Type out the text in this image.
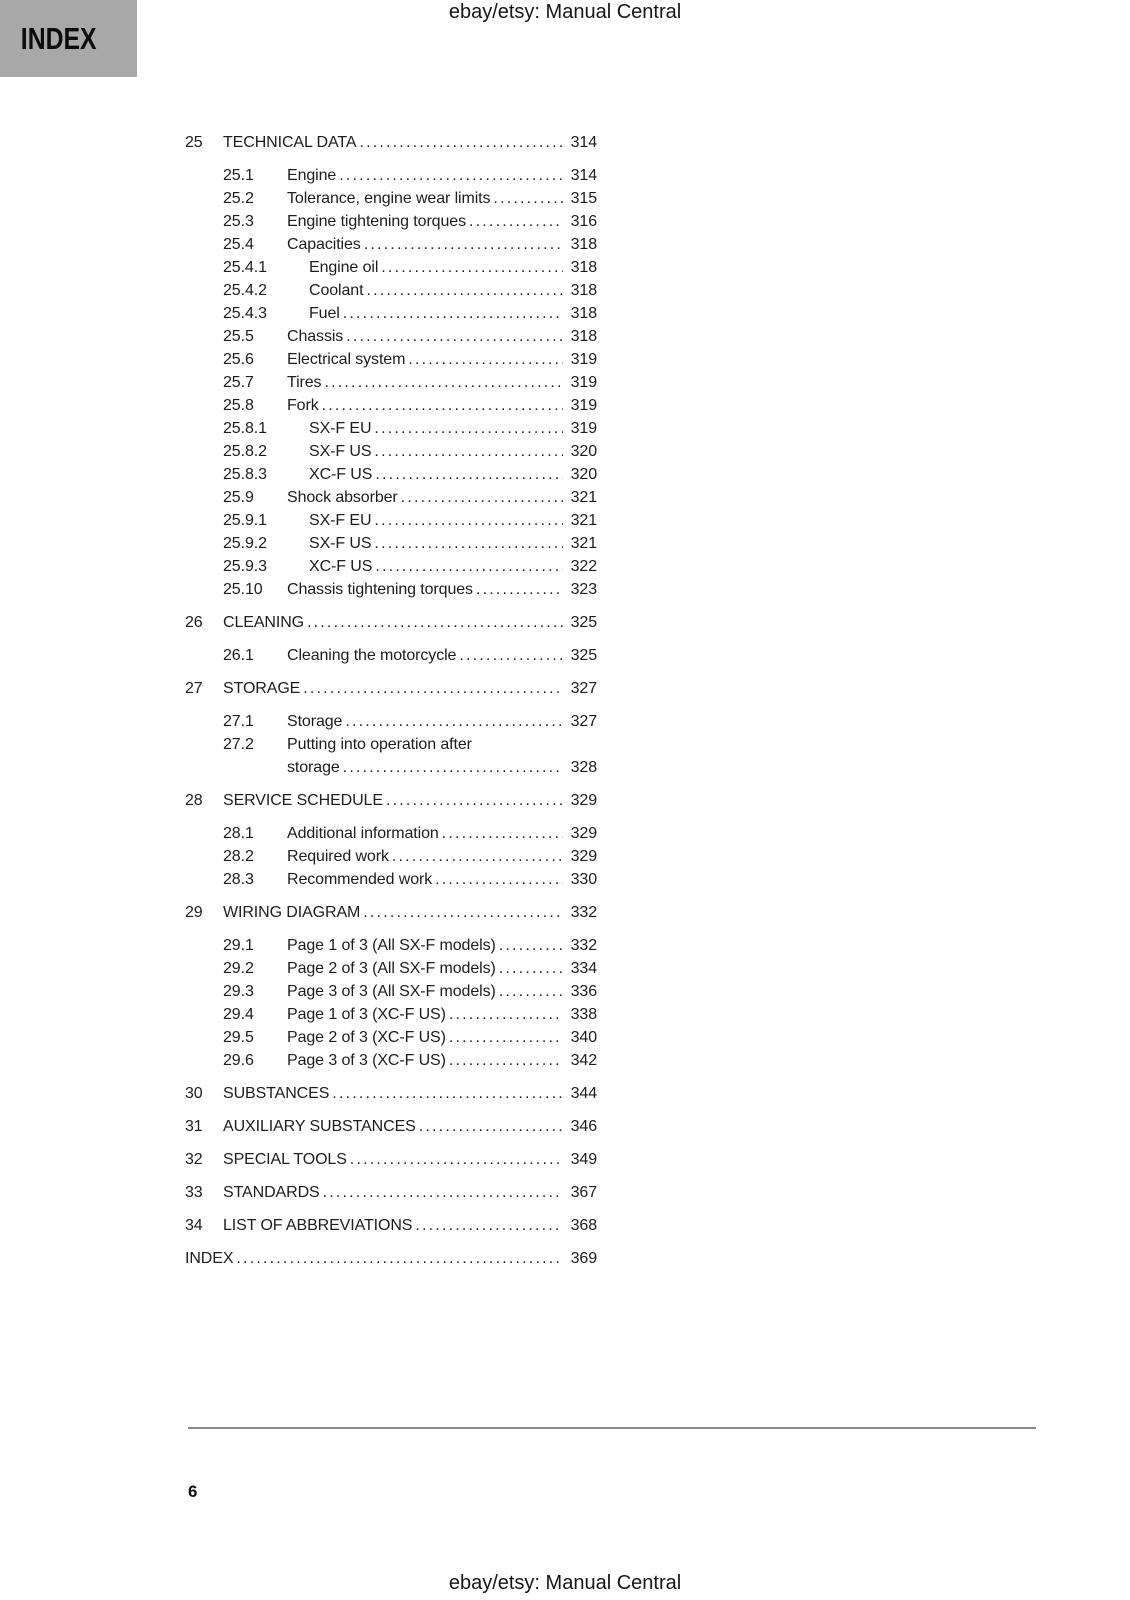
INDEX
ebay/etsy: Manual Central
25	TECHNICAL DATA .....	314
25.1	Engine .....	314
25.2	Tolerance, engine wear limits .....	315
25.3	Engine tightening torques .....	316
25.4	Capacities .....	318
25.4.1	Engine oil .....	318
25.4.2	Coolant .....	318
25.4.3	Fuel .....	318
25.5	Chassis .....	318
25.6	Electrical system .....	319
25.7	Tires .....	319
25.8	Fork .....	319
25.8.1	SX-F EU .....	319
25.8.2	SX-F US .....	320
25.8.3	XC-F US .....	320
25.9	Shock absorber .....	321
25.9.1	SX-F EU .....	321
25.9.2	SX-F US .....	321
25.9.3	XC-F US .....	322
25.10	Chassis tightening torques .....	323
26	CLEANING .....	325
26.1	Cleaning the motorcycle .....	325
27	STORAGE .....	327
27.1	Storage .....	327
27.2	Putting into operation after
storage .....	328
28	SERVICE SCHEDULE .....	329
28.1	Additional information .....	329
28.2	Required work .....	329
28.3	Recommended work .....	330
29	WIRING DIAGRAM .....	332
29.1	Page 1 of 3 (All SX-F models) .....	332
29.2	Page 2 of 3 (All SX-F models) .....	334
29.3	Page 3 of 3 (All SX-F models) .....	336
29.4	Page 1 of 3 (XC-F US) .....	338
29.5	Page 2 of 3 (XC-F US) .....	340
29.6	Page 3 of 3 (XC-F US) .....	342
30	SUBSTANCES .....	344
31	AUXILIARY SUBSTANCES .....	346
32	SPECIAL TOOLS .....	349
33	STANDARDS .....	367
34	LIST OF ABBREVIATIONS .....	368
INDEX .....	369
6
ebay/etsy: Manual Central
